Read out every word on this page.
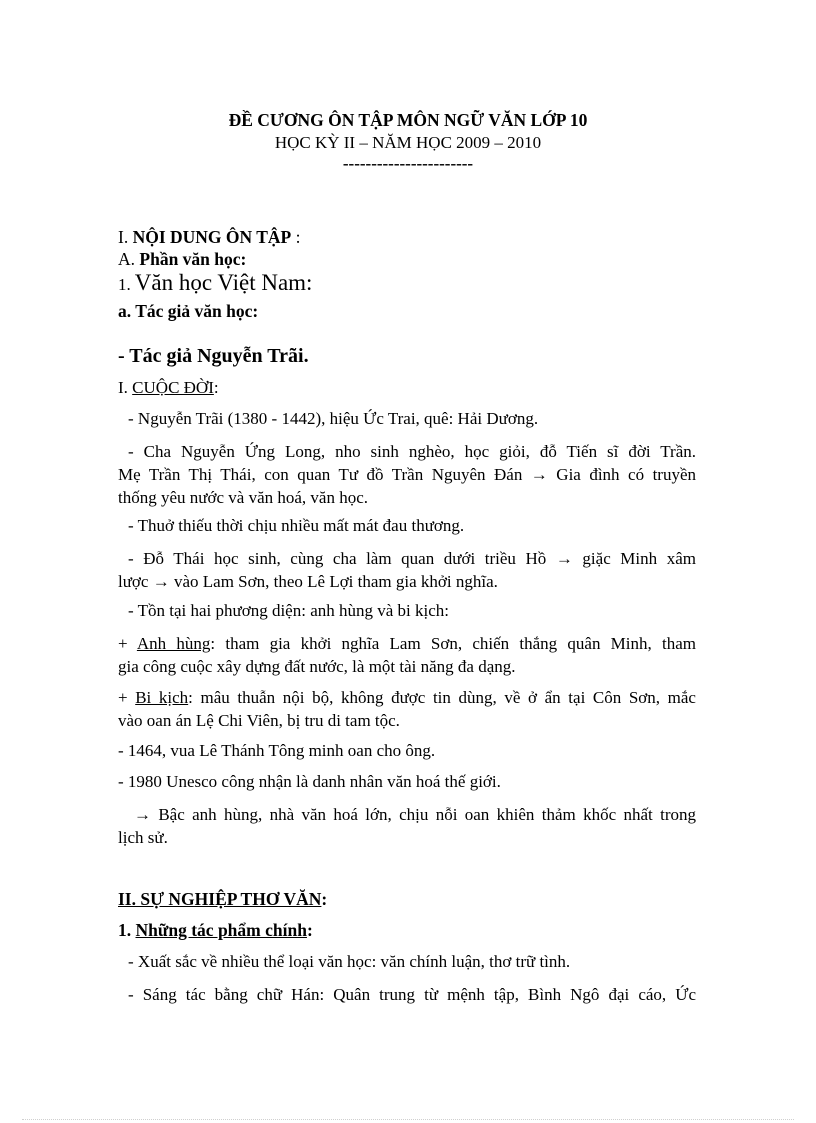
ĐỀ CƯƠNG ÔN TẬP MÔN NGỮ VĂN LỚP 10
HỌC KỲ II – NĂM HỌC 2009 – 2010
-----------------------
I. NỘI DUNG ÔN TẬP :
A. Phần văn học:
1. Văn học Việt Nam:
a. Tác giả văn học:
- Tác giả Nguyễn Trãi.
I. CUỘC ĐỜI:
- Nguyễn Trãi (1380 - 1442), hiệu Ức Trai, quê: Hải Dương.
- Cha Nguyễn Ứng Long, nho sinh nghèo, học giỏi, đỗ Tiến sĩ đời Trần.
Mẹ Trần Thị Thái, con quan Tư đồ Trần Nguyên Đán → Gia đình có truyền
thống yêu nước và văn hoá, văn học.
- Thuở thiếu thời chịu nhiều mất mát đau thương.
- Đỗ Thái học sinh, cùng cha làm quan dưới triều Hồ → giặc Minh xâm
lược → vào Lam Sơn, theo Lê Lợi tham gia khởi nghĩa.
- Tồn tại hai phương diện: anh hùng và bi kịch:
+ Anh hùng: tham gia khởi nghĩa Lam Sơn, chiến thắng quân Minh, tham
gia công cuộc xây dựng đất nước, là một tài năng đa dạng.
+ Bi kịch: mâu thuẫn nội bộ, không được tin dùng, về ở ẩn tại Côn Sơn, mắc
vào oan án Lệ Chi Viên, bị tru di tam tộc.
- 1464, vua Lê Thánh Tông minh oan cho ông.
- 1980 Unesco công nhận là danh nhân văn hoá thế giới.
→ Bậc anh hùng, nhà văn hoá lớn, chịu nỗi oan khiên thảm khốc nhất trong
lịch sử.
II. SỰ NGHIỆP THƠ VĂN:
1. Những tác phẩm chính:
- Xuất sắc về nhiều thể loại văn học: văn chính luận, thơ trữ tình.
- Sáng tác bằng chữ Hán: Quân trung từ mệnh tập, Bình Ngô đại cáo, Ức
